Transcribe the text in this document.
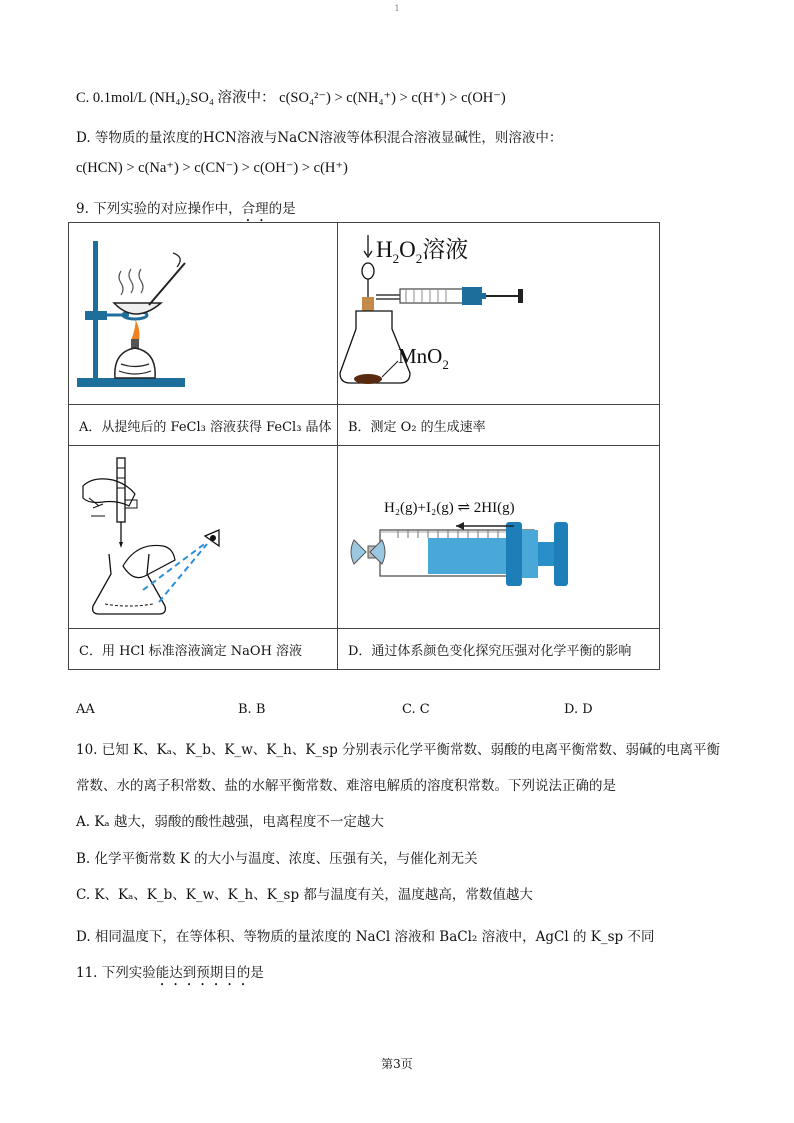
1
C. 0.1mol/L (NH₄)₂SO₄ 溶液中： c(SO₄²⁻) > c(NH₄⁺) > c(H⁺) > c(OH⁻)
D. 等物质的量浓度的HCN溶液与NaCN溶液等体积混合溶液显碱性，则溶液中：
c(HCN) > c(Na⁺) > c(CN⁻) > c(OH⁻) > c(H⁺)
9. 下列实验的对应操作中，合理的是

$H_2O_2$溶液
MnO$_2$

A．从提纯后的 FeCl₃ 溶液获得 FeCl₃ 晶体	B．测定 O₂ 的生成速率

H₂(g)+I₂(g) ⇌ 2HI(g)

C．用 HCl 标准溶液滴定 NaOH 溶液	D．通过体系颜色变化探究压强对化学平衡的影响
AA	B. B	C. C	D. D
10. 已知 K、Kₐ、K_b、K_w、K_h、K_sp 分别表示化学平衡常数、弱酸的电离平衡常数、弱碱的电离平衡
常数、水的离子积常数、盐的水解平衡常数、难溶电解质的溶度积常数。下列说法正确的是
A. Kₐ 越大，弱酸的酸性越强，电离程度不一定越大
B. 化学平衡常数 K 的大小与温度、浓度、压强有关，与催化剂无关
C. K、Kₐ、K_b、K_w、K_h、K_sp 都与温度有关，温度越高，常数值越大
D. 相同温度下，在等体积、等物质的量浓度的 NaCl 溶液和 BaCl₂ 溶液中，AgCl 的 K_sp 不同
11. 下列实验能达到预期目的是
第3页
